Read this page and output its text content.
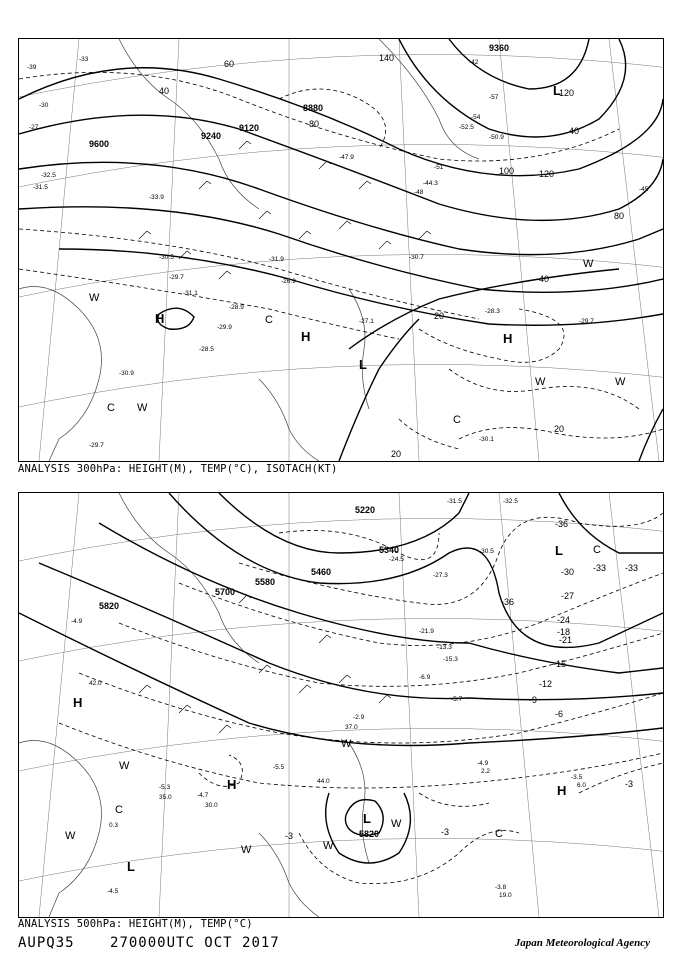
9600
9240
9120
8880
9360
40
60
80
100	120
140
40
80
120
40
20
20
20
-39
-33
-30
-27
-42
-48
-51
-54
-57
-45
H
H	H
L
L
C
C
C
W
W
W	W
W
-31.5
-32.5
-33.9
-30.5
-29.7
-28.5
-30.9
-29.7
-30.1
-27.1
-28.3
-29.7
-30.7
-31.9
-44.3
-47.9
-50.9
-52.5
-28.9
-26.9
-31.1
-29.9
ANALYSIS 300hPa: HEIGHT(M), TEMP(°C), ISOTACH(KT)
5820
5700
5580
5460
5220
5340
5820
-36
-33
-30
-27
-24
-21
-18
-15
-12
-9
-6
-3
-3	-3
-33
-36
H
H	H
L
L
L
C
C
C
W
W	W
W
W
W
-4.9
-4.5
-5.3
-4.7
-5.5
-3.8
-4.9
-3.5
-2.9
-5.7
-6.9
-13.3
-15.3
-21.9
-24.5
-27.3
-30.5
-32.5
-31.5
2.2
6.0
19.0
30.0
35.0
37.0
42.0
44.0
0.3
ANALYSIS 500hPa: HEIGHT(M), TEMP(°C)
AUPQ35	270000UTC OCT 2017	Japan Meteorological Agency
